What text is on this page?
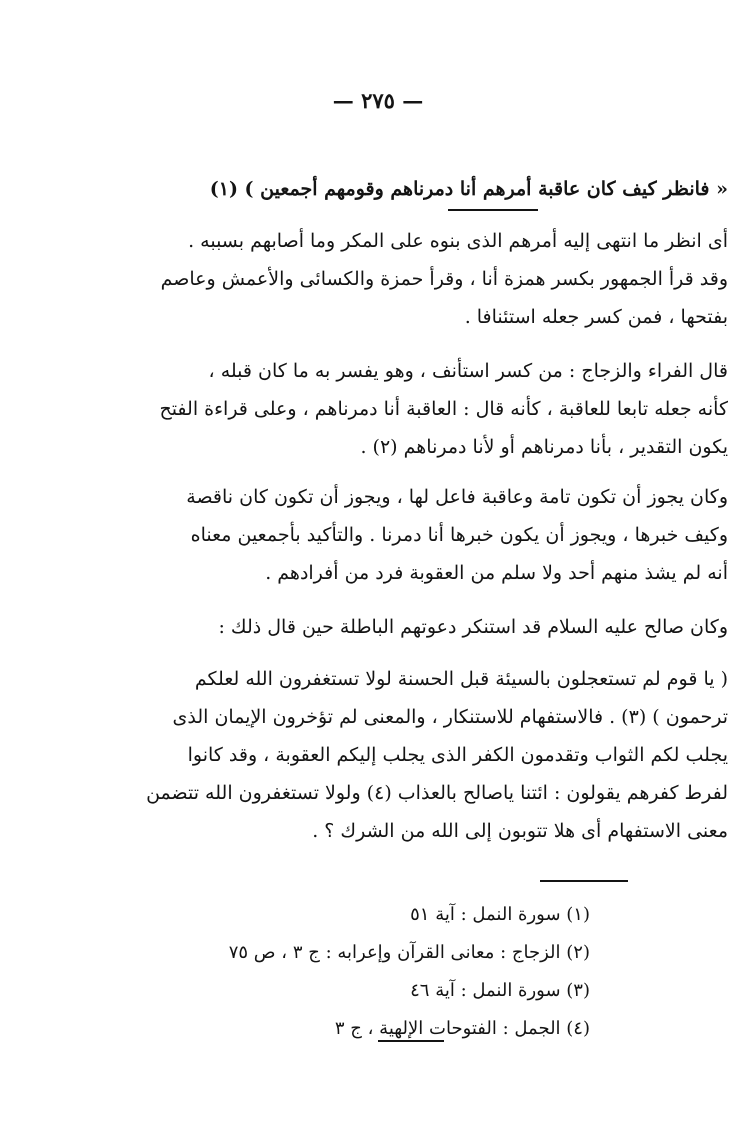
— ٢٧٥ —
« فانظر كيف كان عاقبة أمرهم أنا دمرناهم وقومهم أجمعين ) (١)
أى انظر ما انتهى إليه أمرهم الذى بنوه على المكر وما أصابهم بسببه .
وقد قرأ الجمهور بكسر همزة أنا ، وقرأ حمزة والكسائى والأعمش وعاصم
بفتحها ، فمن كسر جعله استئنافا .
قال الفراء والزجاج : من كسر استأنف ، وهو يفسر به ما كان قبله ،
كأنه جعله تابعا للعاقبة ، كأنه قال : العاقبة أنا دمرناهم ، وعلى قراءة الفتح
يكون التقدير ، بأنا دمرناهم أو لأنا دمرناهم (٢) .
وكان يجوز أن تكون تامة وعاقبة فاعل لها ، ويجوز أن تكون كان ناقصة
وكيف خبرها ، ويجوز أن يكون خبرها أنا دمرنا . والتأكيد بأجمعين معناه
أنه لم يشذ منهم أحد ولا سلم من العقوبة فرد من أفرادهم .
وكان صالح عليه السلام قد استنكر دعوتهم الباطلة حين قال ذلك :
( يا قوم لم تستعجلون بالسيئة قبل الحسنة لولا تستغفرون الله لعلكم
ترحمون ) (٣) . فالاستفهام للاستنكار ، والمعنى لم تؤخرون الإيمان الذى
يجلب لكم الثواب وتقدمون الكفر الذى يجلب إليكم العقوبة ، وقد كانوا
لفرط كفرهم يقولون : ائتنا ياصالح بالعذاب (٤) ولولا تستغفرون الله تتضمن
معنى الاستفهام أى هلا تتوبون إلى الله من الشرك ؟ .
(١) سورة النمل : آية ٥١
(٢) الزجاج : معانى القرآن وإعرابه : ج ٣ ، ص ٧٥
(٣) سورة النمل : آية ٤٦
(٤) الجمل : الفتوحات الإلهية ، ج ٣
